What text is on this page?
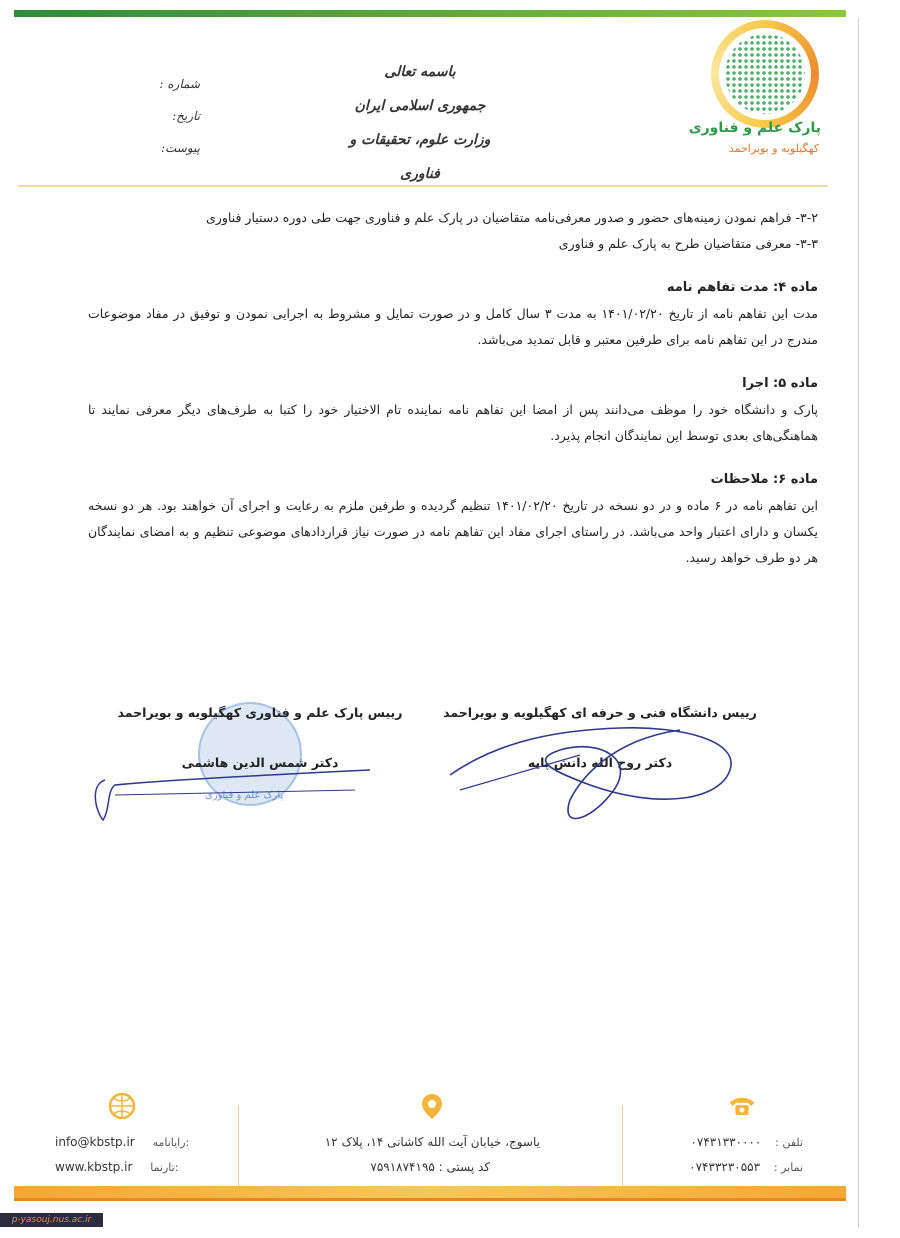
پارک علم و فناوری
کهگیلویه و بویراحمد
باسمه تعالی
جمهوری اسلامی ایران
وزارت علوم، تحقیقات و فناوری
شماره :
تاریخ:
پیوست:

۳-۲- فراهم نمودن زمینه‌های حضور و صدور معرفی‌نامه متقاضیان در پارک علم و فناوری جهت طی دوره دستیار فناوری

۳-۳- معرفی متقاضیان طرح به پارک علم و فناوری

ماده ۴: مدت تفاهم نامه

مدت این تفاهم نامه از تاریخ ۱۴۰۱/۰۲/۲۰ به مدت ۳ سال کامل و در صورت تمایل و مشروط به اجرایی نمودن و توفیق در مفاد موضوعات مندرج در این تفاهم نامه برای طرفین معتبر و قابل تمدید می‌باشد.

ماده ۵: اجرا

پارک و دانشگاه خود را موظف می‌دانند پس از امضا این تفاهم نامه نماینده تام الاختیار خود را کتبا به طرف‌های دیگر معرفی نمایند تا هماهنگی‌های بعدی توسط این نمایندگان انجام پذیرد.

ماده ۶: ملاحظات

این تفاهم نامه در ۶ ماده و در دو نسخه در تاریخ ۱۴۰۱/۰۲/۲۰ تنظیم گردیده و طرفین ملزم به رعایت و اجرای آن خواهند بود. هر دو نسخه یکسان و دارای اعتبار واحد می‌باشد. در راستای اجرای مفاد این تفاهم نامه در صورت نیاز قراردادهای موضوعی تنظیم و به امضای نمایندگان هر دو طرف خواهد رسید.

پارک علم و فناوری
رییس دانشگاه فنی و حرفه ای کهگیلویه و بویراحمد
دکتر روح الله دانش پایه
رییس پارک علم و فناوری کهگیلویه و بویراحمد
دکتر شمس الدین هاشمی
info@kbstp.ir رایانامه:
www.kbstp.ir تارنما:
یاسوج، خیابان آیت الله کاشانی ۱۴، پلاک ۱۲
کد پستی : ۷۵۹۱۸۷۴۱۹۵
تلفن : ۰۷۴۳۱۳۳۰۰۰۰
نمابر : ۰۷۴۳۳۲۳۰۵۵۳
p-yasouj.nus.ac.ir
